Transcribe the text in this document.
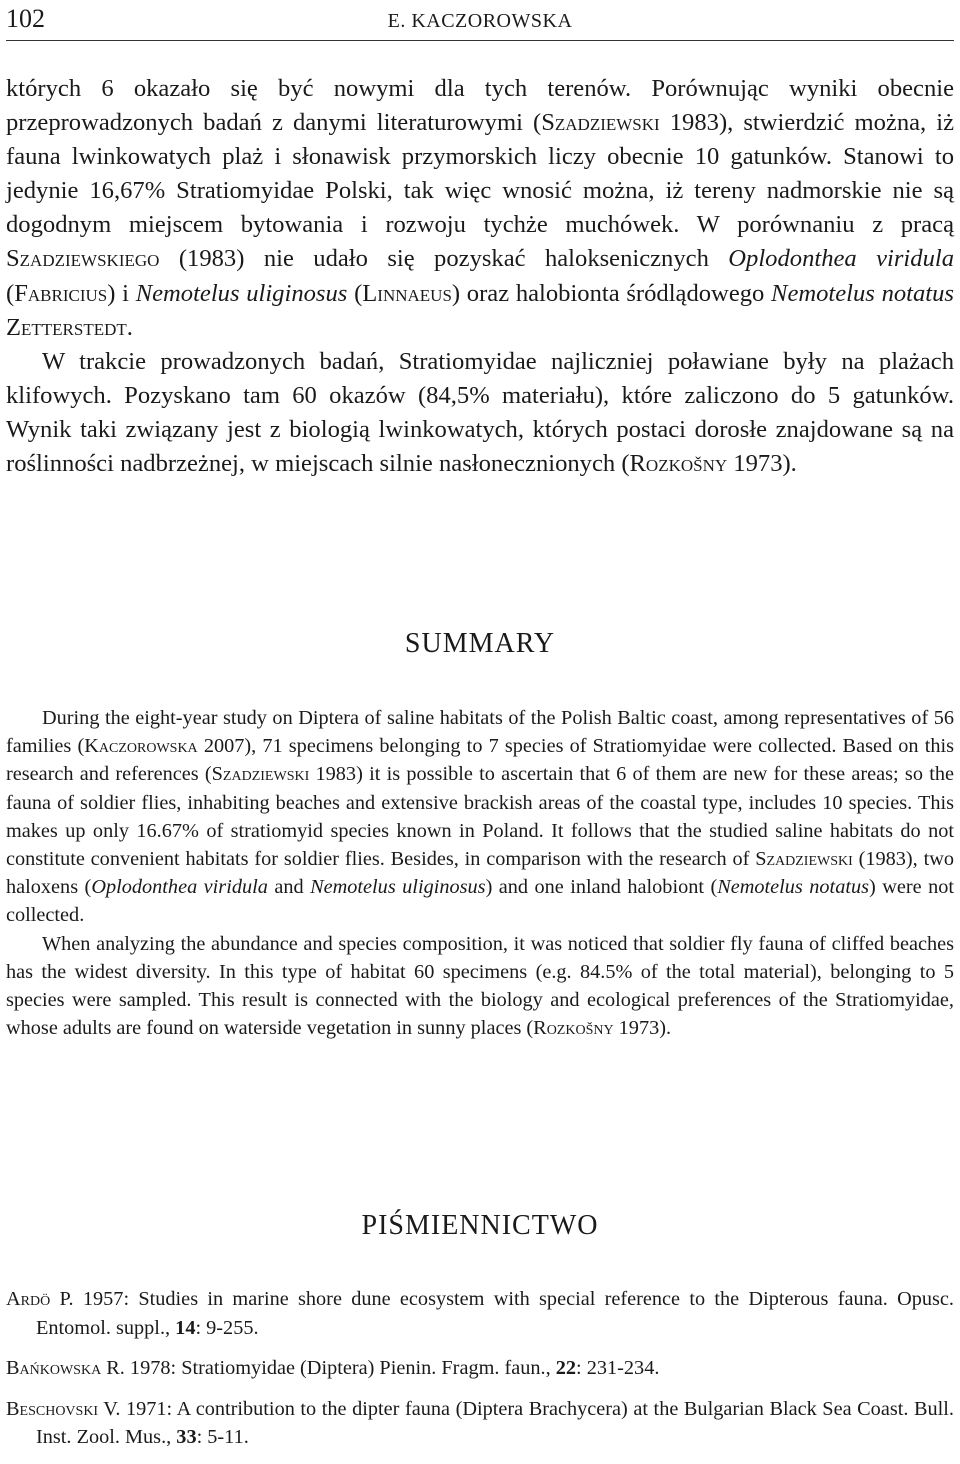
102	E. KACZOROWSKA

których 6 okazało się być nowymi dla tych terenów. Porównując wyniki obecnie przeprowadzonych badań z danymi literaturowymi (Szadziewski 1983), stwierdzić można, iż fauna lwinkowatych plaż i słonawisk przymorskich liczy obecnie 10 gatunków. Stanowi to jedynie 16,67% Stratiomyidae Polski, tak więc wnosić można, iż tereny nadmorskie nie są dogodnym miejscem bytowania i rozwoju tychże muchówek. W porównaniu z pracą Szadziewskiego (1983) nie udało się pozyskać haloksenicznych Oplodonthea viridula (Fabricius) i Nemotelus uliginosus (Linnaeus) oraz halobionta śródlądowego Nemotelus notatus Zetterstedt.

W trakcie prowadzonych badań, Stratiomyidae najliczniej poławiane były na plażach klifowych. Pozyskano tam 60 okazów (84,5% materiału), które zaliczono do 5 gatunków. Wynik taki związany jest z biologią lwinkowatych, których postaci dorosłe znajdowane są na roślinności nadbrzeżnej, w miejscach silnie nasłonecznionych (Rozkošny 1973).

SUMMARY

During the eight-year study on Diptera of saline habitats of the Polish Baltic coast, among representatives of 56 families (Kaczorowska 2007), 71 specimens belonging to 7 species of Stratiomyidae were collected. Based on this research and references (Szadziewski 1983) it is possible to ascertain that 6 of them are new for these areas; so the fauna of soldier flies, inhabiting beaches and extensive brackish areas of the coastal type, includes 10 species. This makes up only 16.67% of stratiomyid species known in Poland. It follows that the studied saline habitats do not constitute convenient habitats for soldier flies. Besides, in comparison with the research of Szadziewski (1983), two haloxens (Oplodonthea viridula and Nemotelus uliginosus) and one inland halobiont (Nemotelus notatus) were not collected.

When analyzing the abundance and species composition, it was noticed that soldier fly fauna of cliffed beaches has the widest diversity. In this type of habitat 60 specimens (e.g. 84.5% of the total material), belonging to 5 species were sampled. This result is connected with the biology and ecological preferences of the Stratiomyidae, whose adults are found on waterside vegetation in sunny places (Rozkošny 1973).

PIŚMIENNICTWO

Ardö P. 1957: Studies in marine shore dune ecosystem with special reference to the Dipterous fauna. Opusc. Entomol. suppl., 14: 9-255.

Bańkowska R. 1978: Stratiomyidae (Diptera) Pienin. Fragm. faun., 22: 231-234.

Beschovski V. 1971: A contribution to the dipter fauna (Diptera Brachycera) at the Bulgarian Black Sea Coast. Bull. Inst. Zool. Mus., 33: 5-11.
